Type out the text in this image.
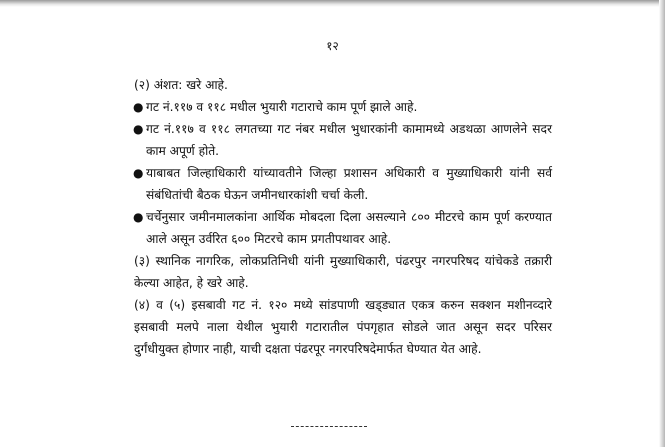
१२

(२) अंशत: खरे आहे.

● गट नं.११७ व ११८ मधील भुयारी गटाराचे काम पूर्ण झाले आहे.
● गट नं.११७ व ११८ लगतच्या गट नंबर मधील भुधारकांनी कामामध्ये अडथळा आणलेने सदर काम अपूर्ण होते.
● याबाबत जिल्हाधिकारी यांच्यावतीने जिल्हा प्रशासन अधिकारी व मुख्याधिकारी यांनी सर्व संबंधितांची बैठक घेऊन जमीनधारकांशी चर्चा केली.
● चर्चेनुसार जमीनमालकांना आर्थिक मोबदला दिला असल्याने ८०० मीटरचे काम पूर्ण करण्यात आले असून उर्वरित ६०० मिटरचे काम प्रगतीपथावर आहे.

(३) स्थानिक नागरिक, लोकप्रतिनिधी यांनी मुख्याधिकारी, पंढरपुर नगरपरिषद यांचेकडे तक्रारी केल्या आहेत, हे खरे आहे.

(४) व (५) इसबावी गट नं. १२० मध्ये सांडपाणी खड्‌ड्यात एकत्र करुन सक्शन मशीनव्दारे इसबावी मलपे नाला येथील भुयारी गटारातील पंपगृहात सोडले जात असून सदर परिसर दुर्गंधीयुक्त होणार नाही, याची दक्षता पंढरपूर नगरपरिषदेमार्फत घेण्यात येत आहे.
